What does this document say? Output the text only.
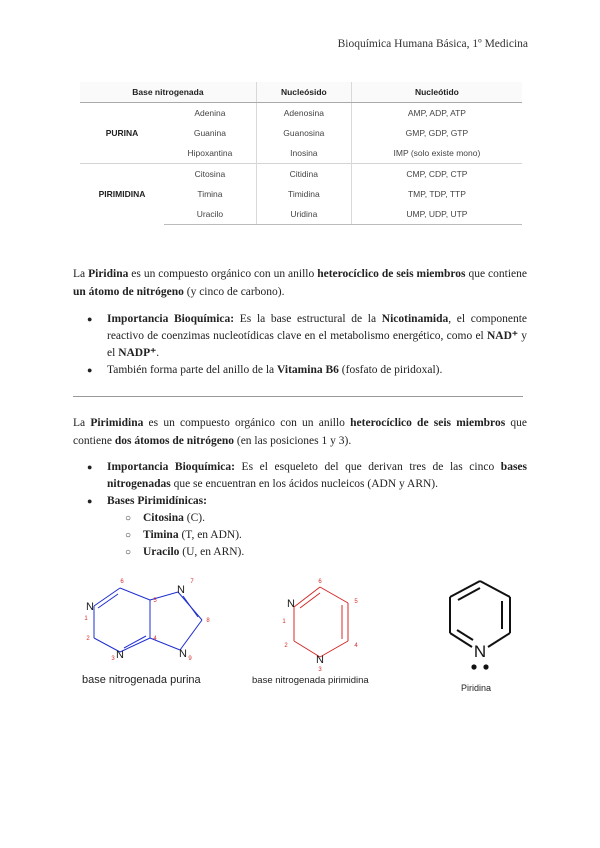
Bioquímica Humana Básica, 1º Medicina
Base nitrogenada		Nucleósido	Nucleótido
PURINA	Adenina	Adenosina	AMP, ADP, ATP
	Guanina	Guanosina	GMP, GDP, GTP
	Hipoxantina	Inosina	IMP (solo existe mono)
PIRIMIDINA	Citosina	Citidina	CMP, CDP, CTP
	Timina	Timidina	TMP, TDP, TTP
	Uracilo	Uridina	UMP, UDP, UTP
La Piridina es un compuesto orgánico con un anillo heterocíclico de seis miembros que contiene un átomo de nitrógeno (y cinco de carbono).
● Importancia Bioquímica: Es la base estructural de la Nicotinamida, el componente reactivo de coenzimas nucleotídicas clave en el metabolismo energético, como el NAD⁺ y el NADP⁺.
● También forma parte del anillo de la Vitamina B6 (fosfato de piridoxal).
La Pirimidina es un compuesto orgánico con un anillo heterocíclico de seis miembros que contiene dos átomos de nitrógeno (en las posiciones 1 y 3).
● Importancia Bioquímica: Es el esqueleto del que derivan tres de las cinco bases nitrogenadas que se encuentran en los ácidos nucleicos (ADN y ARN).
● Bases Pirimidínicas:
○ Citosina (C).
○ Timina (T, en ADN).
○ Uracilo (U, en ARN).
N
N
N
N
1
2
3
4
5
6	7
8
9
base nitrogenada purina
N
N
1
2
3
4
5
6
base nitrogenada pirimidina
N
Piridina
